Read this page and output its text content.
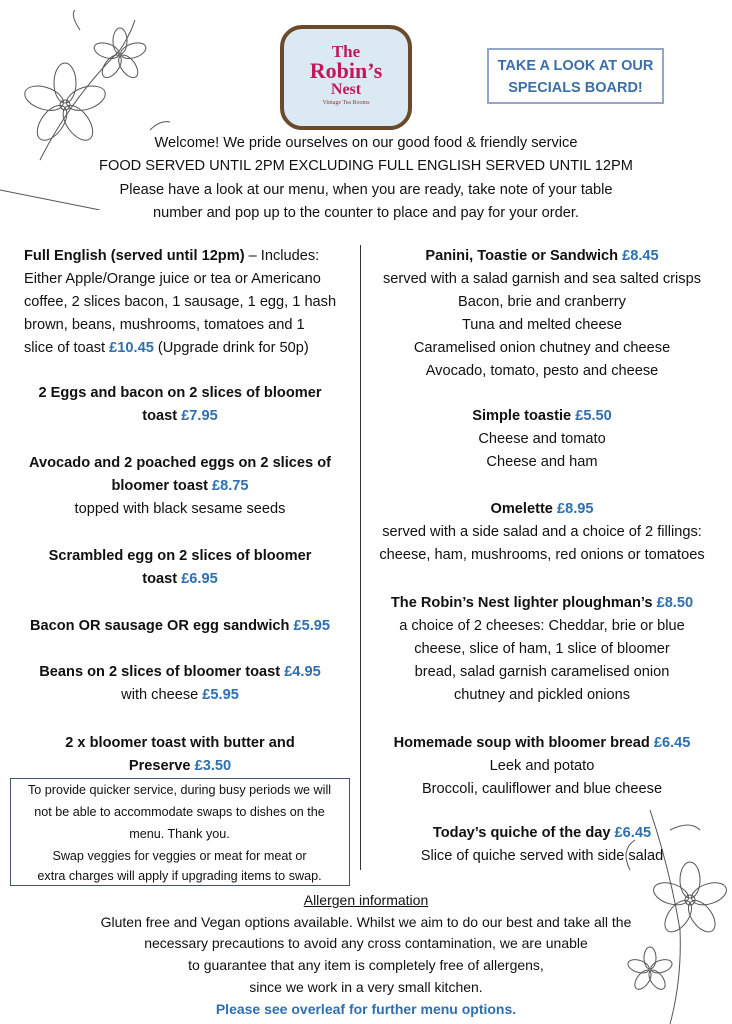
The
Robin’s
Nest
Vintage Tea Rooms
TAKE A LOOK AT OUR
SPECIALS BOARD!
Welcome! We pride ourselves on our good food & friendly service
FOOD SERVED UNTIL 2PM EXCLUDING FULL ENGLISH SERVED UNTIL 12PM
Please have a look at our menu, when you are ready, take note of your table
number and pop up to the counter to place and pay for your order.
Full English (served until 12pm) – Includes:
Either Apple/Orange juice or tea or Americano
coffee, 2 slices bacon, 1 sausage, 1 egg, 1 hash
brown, beans, mushrooms, tomatoes and 1
slice of toast £10.45 (Upgrade drink for 50p)
2 Eggs and bacon on 2 slices of bloomer
toast £7.95
Avocado and 2 poached eggs on 2 slices of
bloomer toast £8.75
topped with black sesame seeds
Scrambled egg on 2 slices of bloomer
toast £6.95
Bacon OR sausage OR egg sandwich £5.95
Beans on 2 slices of bloomer toast £4.95
with cheese £5.95
2 x bloomer toast with butter and
Preserve £3.50
Panini, Toastie or Sandwich £8.45
served with a salad garnish and sea salted crisps
Bacon, brie and cranberry
Tuna and melted cheese
Caramelised onion chutney and cheese
Avocado, tomato, pesto and cheese
Simple toastie £5.50
Cheese and tomato
Cheese and ham
Omelette £8.95
served with a side salad and a choice of 2 fillings:
cheese, ham, mushrooms, red onions or tomatoes
The Robin’s Nest lighter ploughman’s £8.50
a choice of 2 cheeses: Cheddar, brie or blue
cheese, slice of ham, 1 slice of bloomer
bread, salad garnish caramelised onion
chutney and pickled onions
Homemade soup with bloomer bread £6.45
Leek and potato
Broccoli, cauliflower and blue cheese
Today’s quiche of the day £6.45
Slice of quiche served with side salad
To provide quicker service, during busy periods we will
not be able to accommodate swaps to dishes on the
menu. Thank you.
Swap veggies for veggies or meat for meat or
extra charges will apply if upgrading items to swap.
Allergen information
Gluten free and Vegan options available. Whilst we aim to do our best and take all the
necessary precautions to avoid any cross contamination, we are unable
to guarantee that any item is completely free of allergens,
since we work in a very small kitchen.
Please see overleaf for further menu options.
